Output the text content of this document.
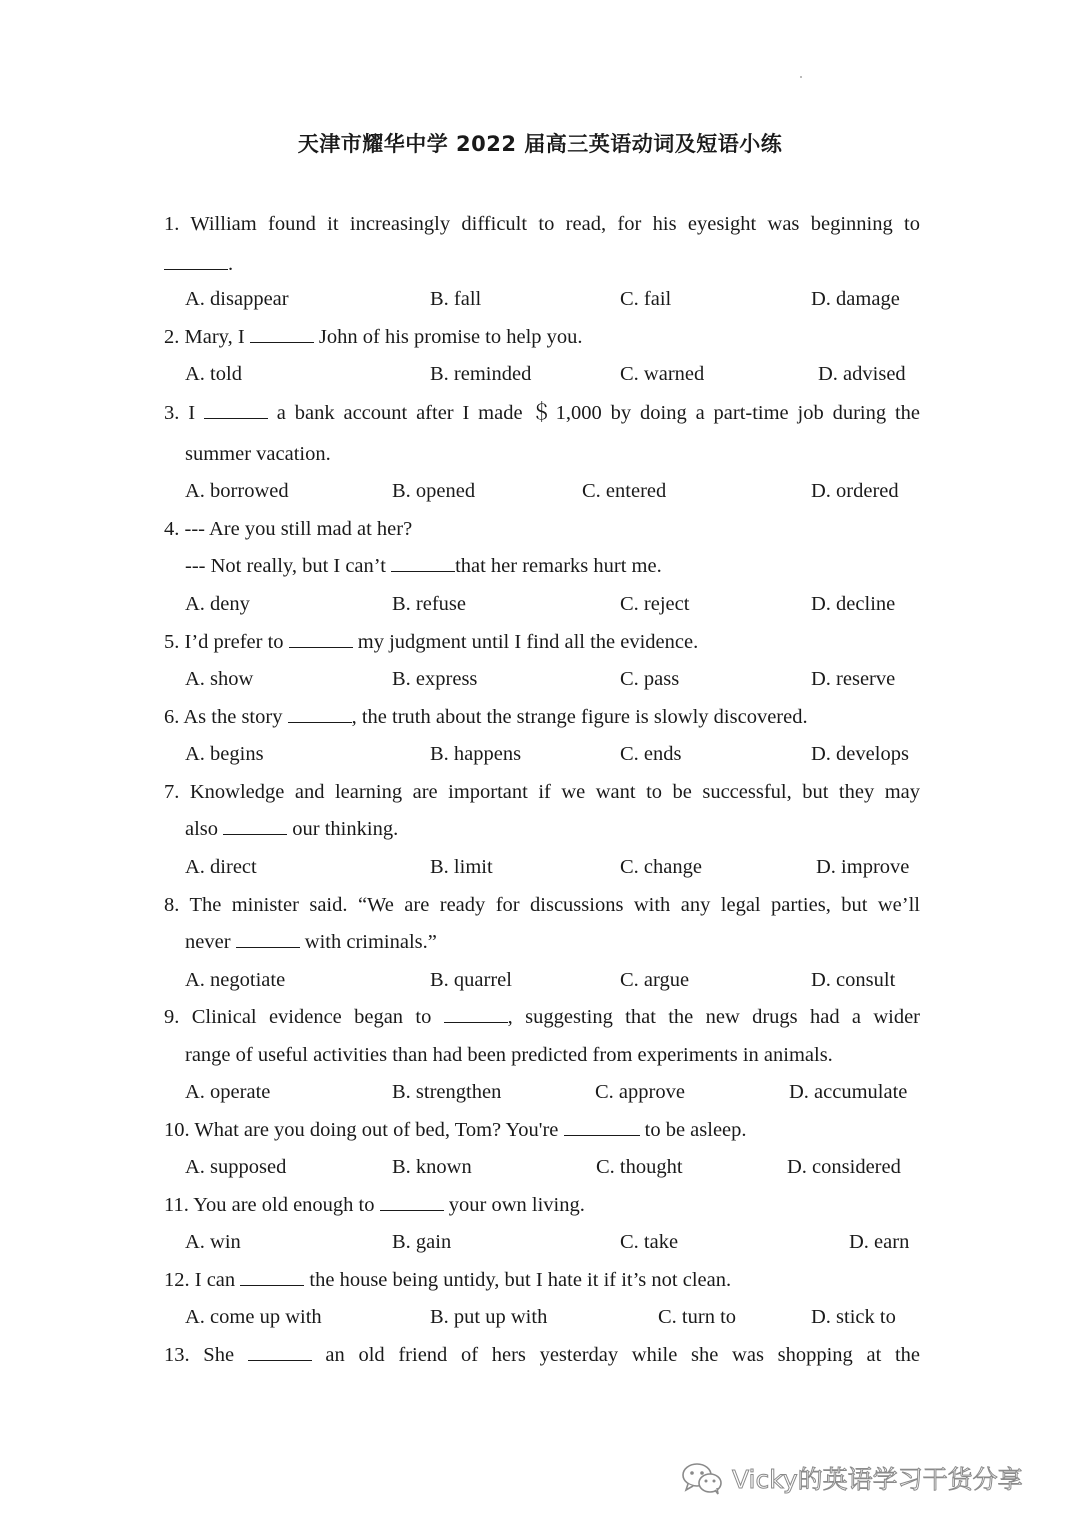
天津市耀华中学 2022 届高三英语动词及短语小练
1. William found it increasingly difficult to read, for his eyesight was beginning to
.
A. disappear	B. fall	C. fail	D. damage
2. Mary, I	John of his promise to help you.
A. told	B. reminded	C. warned	D. advised
3. I	a bank account after I made ＄1,000 by doing a part-time job during the
summer vacation.
A. borrowed	B. opened	C. entered	D. ordered
4. --- Are you still mad at her?
--- Not really, but I can’t	that her remarks hurt me.
A. deny	B. refuse	C. reject	D. decline
5. I’d prefer to	my judgment until I find all the evidence.
A. show	B. express	C. pass	D. reserve
6. As the story	, the truth about the strange figure is slowly discovered.
A. begins	B. happens	C. ends	D. develops
7. Knowledge and learning are important if we want to be successful, but they may
also	our thinking.
A. direct	B. limit	C. change	D. improve
8. The minister said. “We are ready for discussions with any legal parties, but we’ll
never	with criminals.”
A. negotiate	B. quarrel	C. argue	D. consult
9. Clinical evidence began to	, suggesting that the new drugs had a wider
range of useful activities than had been predicted from experiments in animals.
A. operate	B. strengthen	C. approve	D. accumulate
10. What are you doing out of bed, Tom? You're	to be asleep.
A. supposed	B. known	C. thought	D. considered
11. You are old enough to	your own living.
A. win	B. gain	C. take	D. earn
12. I can	the house being untidy, but I hate it if it’s not clean.
A. come up with	B. put up with	C. turn to	D. stick to
13. She	an old friend of hers yesterday while she was shopping at the
Vicky的英语学习干货分享
